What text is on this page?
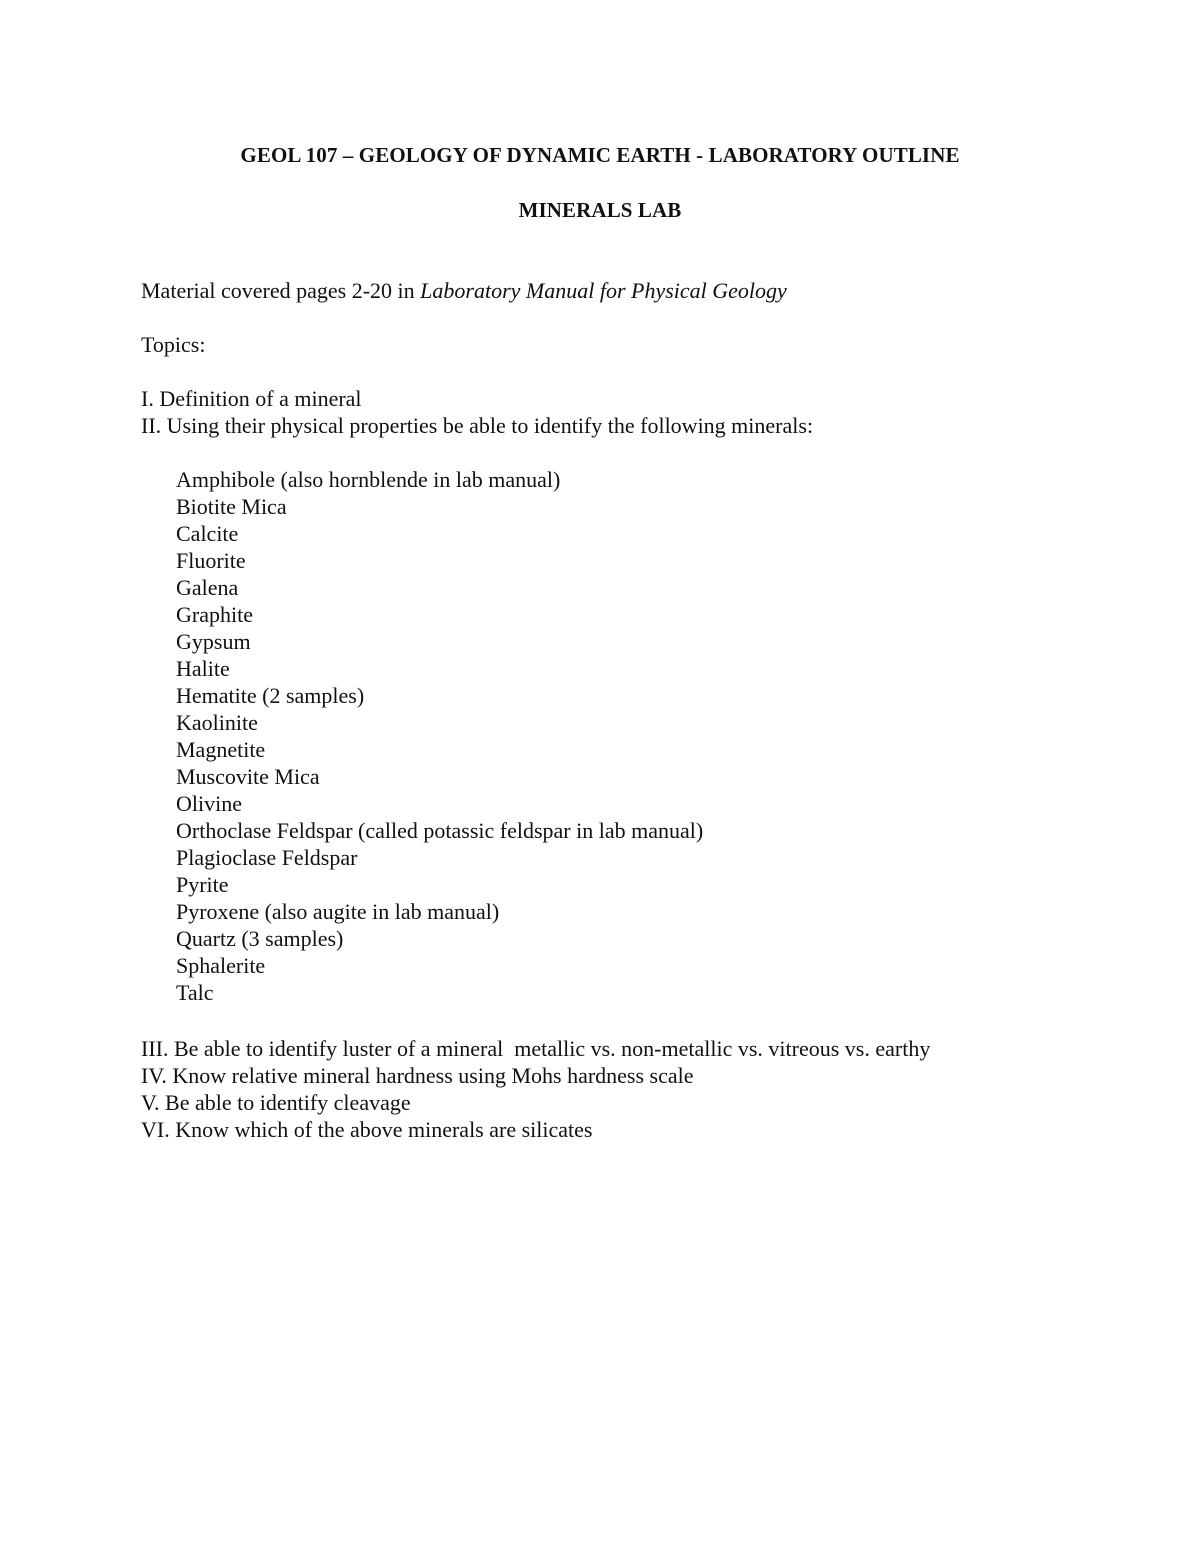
GEOL 107 – GEOLOGY OF DYNAMIC EARTH - LABORATORY OUTLINE
MINERALS LAB
Material covered pages 2-20 in Laboratory Manual for Physical Geology
Topics:
I. Definition of a mineral
II. Using their physical properties be able to identify the following minerals:
Amphibole (also hornblende in lab manual)
Biotite Mica
Calcite
Fluorite
Galena
Graphite
Gypsum
Halite
Hematite (2 samples)
Kaolinite
Magnetite
Muscovite Mica
Olivine
Orthoclase Feldspar (called potassic feldspar in lab manual)
Plagioclase Feldspar
Pyrite
Pyroxene (also augite in lab manual)
Quartz (3 samples)
Sphalerite
Talc
III. Be able to identify luster of a mineral  metallic vs. non-metallic vs. vitreous vs. earthy
IV. Know relative mineral hardness using Mohs hardness scale
V. Be able to identify cleavage
VI. Know which of the above minerals are silicates
